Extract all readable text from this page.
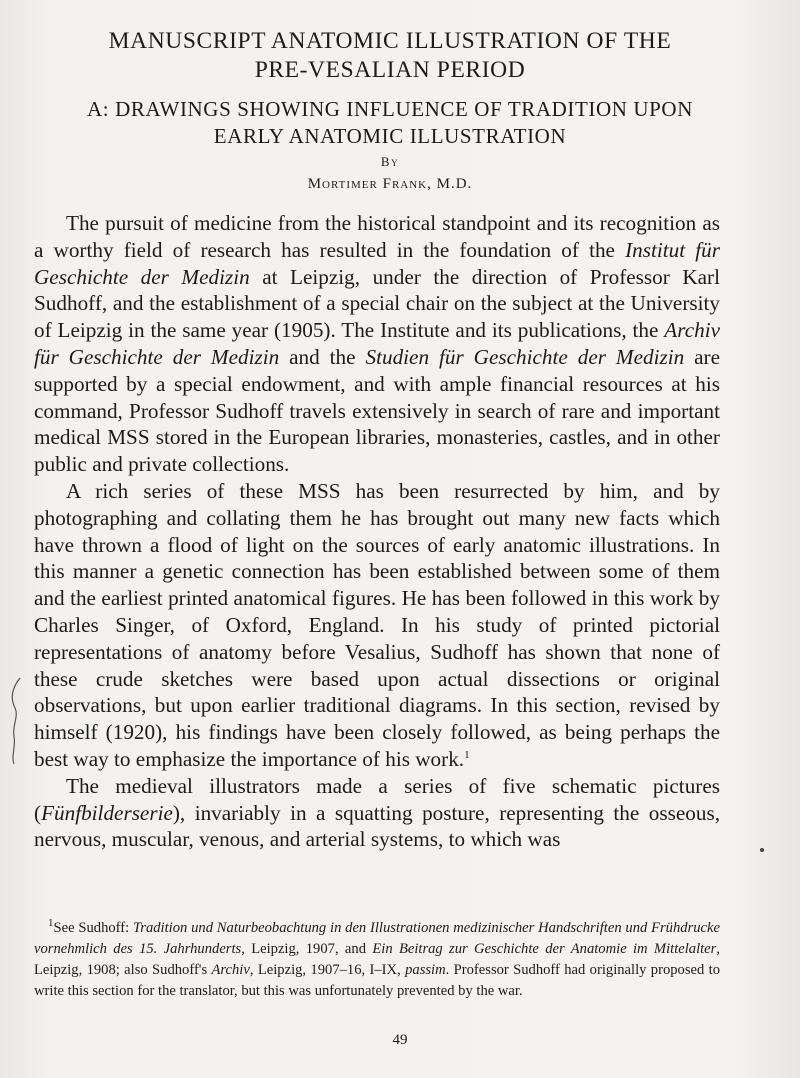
MANUSCRIPT ANATOMIC ILLUSTRATION OF THE
PRE-VESALIAN PERIOD
A: DRAWINGS SHOWING INFLUENCE OF TRADITION UPON
EARLY ANATOMIC ILLUSTRATION
By
Mortimer Frank, M.D.

The pursuit of medicine from the historical standpoint and its recognition as a worthy field of research has resulted in the foundation of the Institut für Geschichte der Medizin at Leipzig, under the direction of Professor Karl Sudhoff, and the establishment of a special chair on the subject at the University of Leipzig in the same year (1905). The Institute and its publications, the Archiv für Geschichte der Medizin and the Studien für Geschichte der Medizin are supported by a special endowment, and with ample financial resources at his command, Professor Sudhoff travels extensively in search of rare and important medical MSS stored in the European libraries, monasteries, castles, and in other public and private collections.

A rich series of these MSS has been resurrected by him, and by photographing and collating them he has brought out many new facts which have thrown a flood of light on the sources of early anatomic illustrations. In this manner a genetic connection has been established between some of them and the earliest printed anatomical figures. He has been followed in this work by Charles Singer, of Oxford, England. In his study of printed pictorial representations of anatomy before Vesalius, Sudhoff has shown that none of these crude sketches were based upon actual dissections or original observations, but upon earlier traditional diagrams. In this section, revised by himself (1920), his findings have been closely followed, as being perhaps the best way to emphasize the importance of his work.$^1$

The medieval illustrators made a series of five schematic pictures (Fünfbilderserie), invariably in a squatting posture, representing the osseous, nervous, muscular, venous, and arterial systems, to which was

$^1$See Sudhoff: Tradition und Naturbeobachtung in den Illustrationen medizinischer Handschriften und Frühdrucke vornehmlich des 15. Jahrhunderts, Leipzig, 1907, and Ein Beitrag zur Geschichte der Anatomie im Mittelalter, Leipzig, 1908; also Sudhoff's Archiv, Leipzig, 1907–16, I–IX, passim. Professor Sudhoff had originally proposed to write this section for the translator, but this was unfortunately prevented by the war.

49
